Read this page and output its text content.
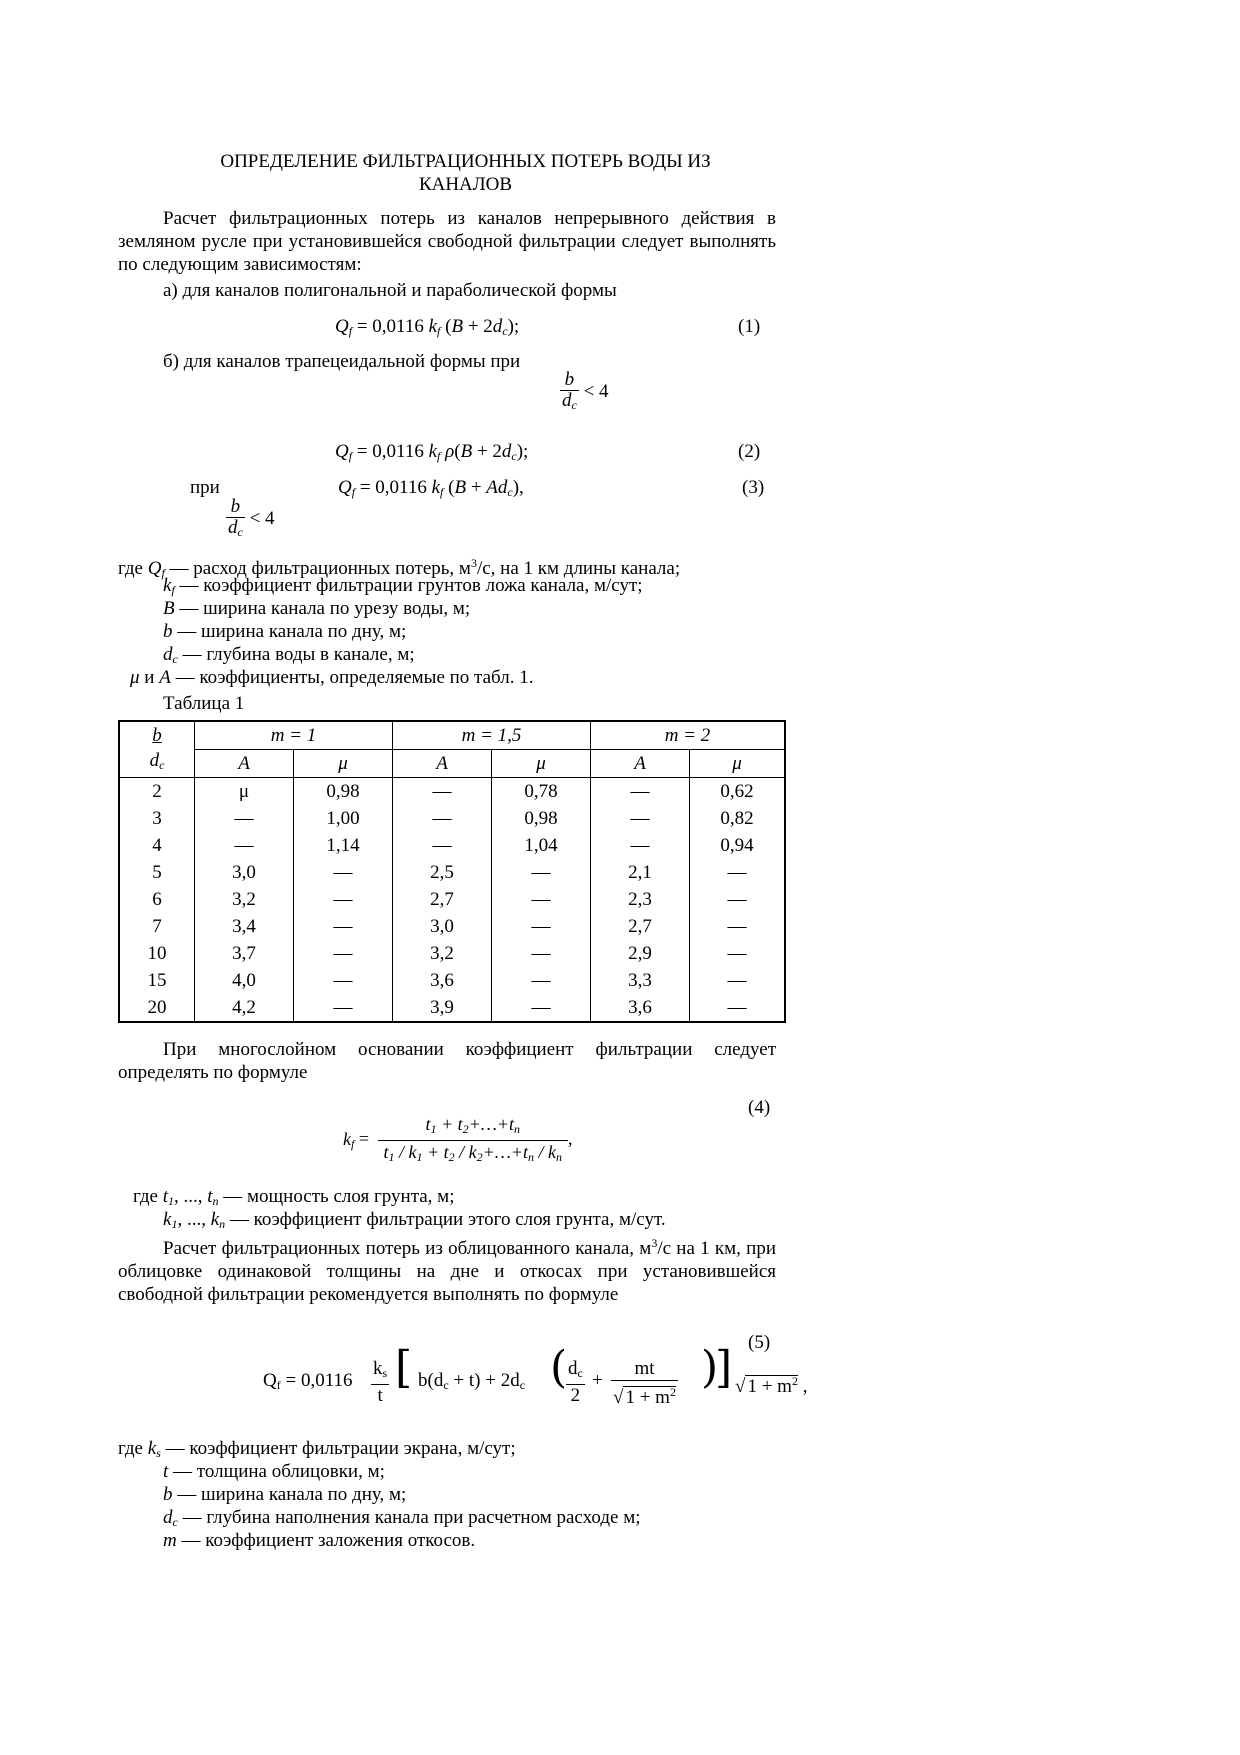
ОПРЕДЕЛЕНИЕ ФИЛЬТРАЦИОННЫХ ПОТЕРЬ ВОДЫ ИЗ
КАНАЛОВ
Расчет фильтрационных потерь из каналов непрерывного действия в земляном русле при установившейся свободной фильтрации следует выполнять по следующим зависимостям:
а) для каналов полигональной и параболической формы
$Q_f = 0,0116$ $k_f$ $(B + 2d_c)$;	(1)
б) для каналов трапецеидальной формы при
$\frac{b}{d_c} < 4$
$Q_f = 0,0116$ $k_f$ $\rho(B + 2d_c)$;	(2)
при	$Q_f = 0,0116$ $k_f$ $(B + Ad_c)$,	(3)
$\frac{b}{d_c} < 4$
где $Q_f$ — расход фильтрационных потерь, $м^3/с$, на 1 км длины канала;
$k_f$ — коэффициент фильтрации грунтов ложа канала, м/сут;
B — ширина канала по урезу воды, м;
b — ширина канала по дну, м;
$d_c$ — глубина воды в канале, м;
μ и A — коэффициенты, определяемые по табл. 1.
Таблица 1
b	m = 1		m = 1,5		m = 2	
$d_c$	A	μ	A	μ	A	μ
2	μ	0,98	—	0,78	—	0,62
3	—	1,00	—	0,98	—	0,82
4	—	1,14	—	1,04	—	0,94
5	3,0	—	2,5	—	2,1	—
6	3,2	—	2,7	—	2,3	—
7	3,4	—	3,0	—	2,7	—
10	3,7	—	3,2	—	2,9	—
15	4,0	—	3,6	—	3,3	—
20	4,2	—	3,9	—	3,6	—
При многослойном основании коэффициент фильтрации следует определять по формуле
(4)
$k_f = \frac{t_1 + t_2+\dots+t_n}{t_1 / k_1 + t_2 / k_2+\dots+t_n / k_n}$ ,
где $t_1$, ..., $t_n$ — мощность слоя грунта, м;
$k_1$, ..., $k_n$ — коэффициент фильтрации этого слоя грунта, м/сут.
Расчет фильтрационных потерь из облицованного канала, $м^3/с$ на 1 км, при облицовке одинаковой толщины на дне и откосах при установившейся свободной фильтрации рекомендуется выполнять по формуле
(5)
$Q_f = 0,0116 \frac{k_s}{t}$ [ $b(d_c + t) + 2d_c$ (
$\frac{d_c}{2} + \frac{mt}{√ 1 + m^2}$ )
] √ $1 + m^2$ ,
где $k_s$ — коэффициент фильтрации экрана, м/сут;
t — толщина облицовки, м;
b — ширина канала по дну, м;
$d_c$ — глубина наполнения канала при расчетном расходе м;
m — коэффициент заложения откосов.
